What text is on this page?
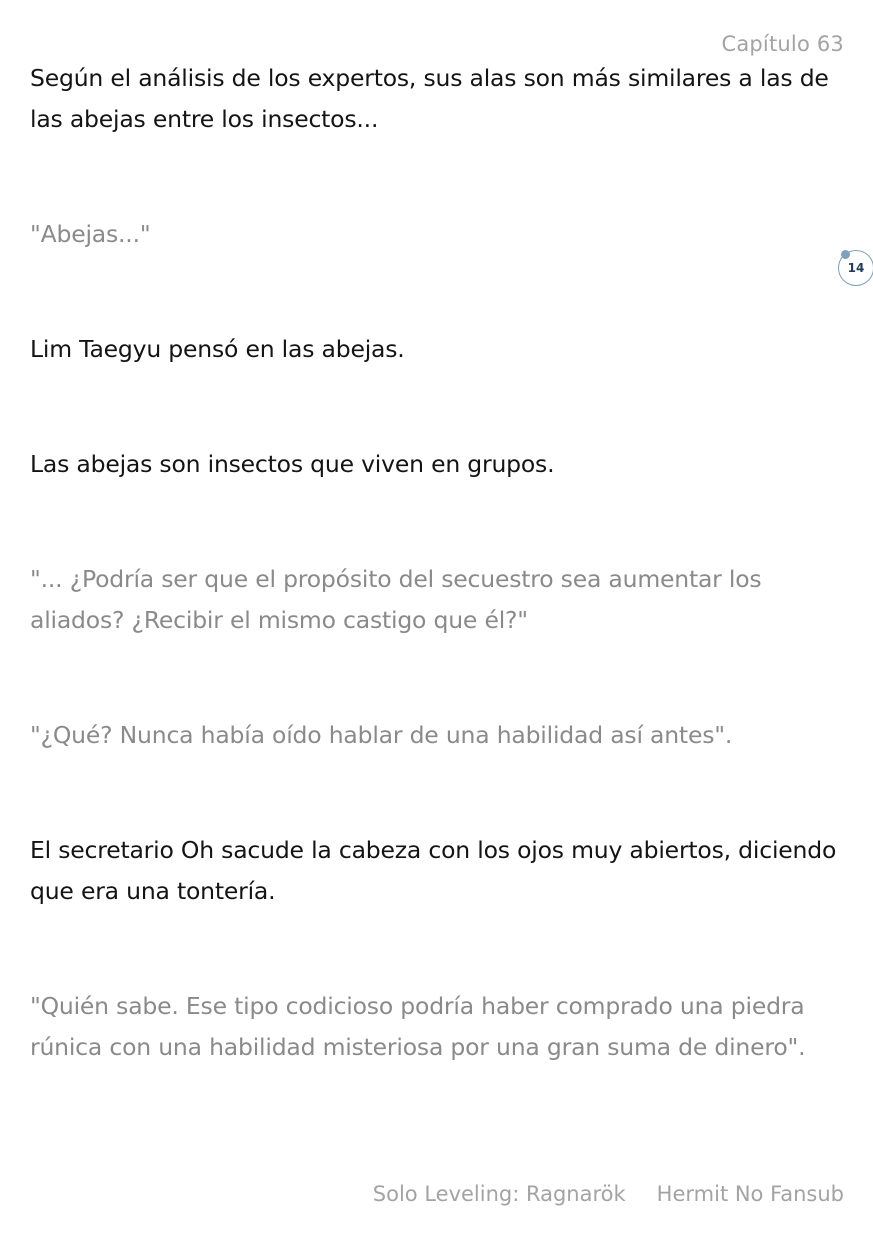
Capítulo 63

Según el análisis de los expertos, sus alas son más similares a las de las abejas entre los insectos...

"Abejas..."

Lim Taegyu pensó en las abejas.

Las abejas son insectos que viven en grupos.

"... ¿Podría ser que el propósito del secuestro sea aumentar los aliados? ¿Recibir el mismo castigo que él?"

"¿Qué? Nunca había oído hablar de una habilidad así antes".

El secretario Oh sacude la cabeza con los ojos muy abiertos, diciendo que era una tontería.

"Quién sabe. Ese tipo codicioso podría haber comprado una piedra rúnica con una habilidad misteriosa por una gran suma de dinero".

14
Solo Leveling: Ragnarök Hermit No Fansub
